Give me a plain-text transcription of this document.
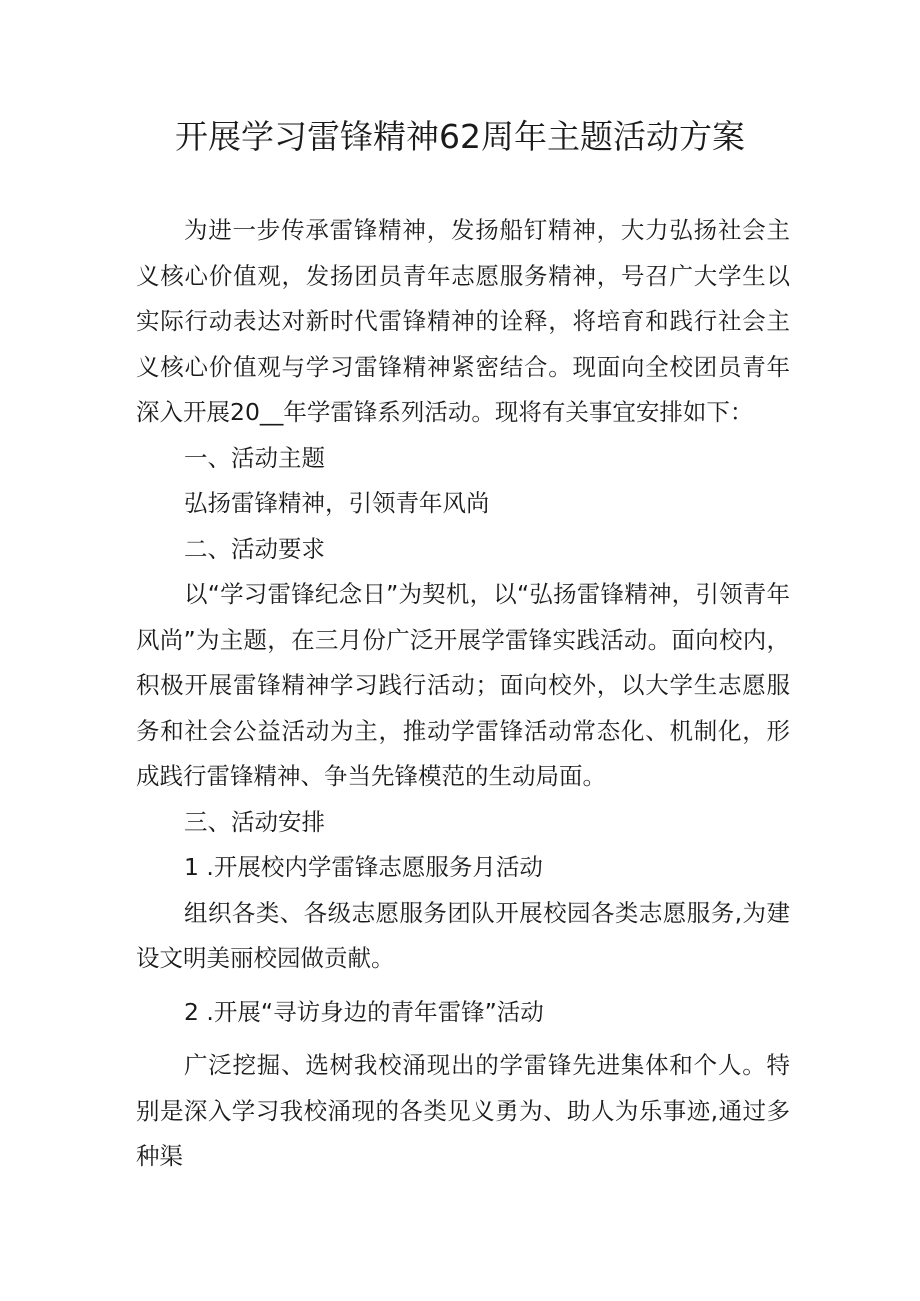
开展学习雷锋精神62周年主题活动方案

为进一步传承雷锋精神，发扬船钉精神，大力弘扬社会主义核心价值观，发扬团员青年志愿服务精神，号召广大学生以实际行动表达对新时代雷锋精神的诠释，将培育和践行社会主义核心价值观与学习雷锋精神紧密结合。现面向全校团员青年深入开展20__年学雷锋系列活动。现将有关事宜安排如下：

一、活动主题

弘扬雷锋精神，引领青年风尚

二、活动要求

以“学习雷锋纪念日”为契机，以“弘扬雷锋精神，引领青年风尚”为主题，在三月份广泛开展学雷锋实践活动。面向校内，积极开展雷锋精神学习践行活动；面向校外，以大学生志愿服务和社会公益活动为主，推动学雷锋活动常态化、机制化，形成践行雷锋精神、争当先锋模范的生动局面。

三、活动安排

1 .开展校内学雷锋志愿服务月活动

组织各类、各级志愿服务团队开展校园各类志愿服务,为建设文明美丽校园做贡献。

2 .开展“寻访身边的青年雷锋”活动

广泛挖掘、选树我校涌现出的学雷锋先进集体和个人。特别是深入学习我校涌现的各类见义勇为、助人为乐事迹,通过多种渠
